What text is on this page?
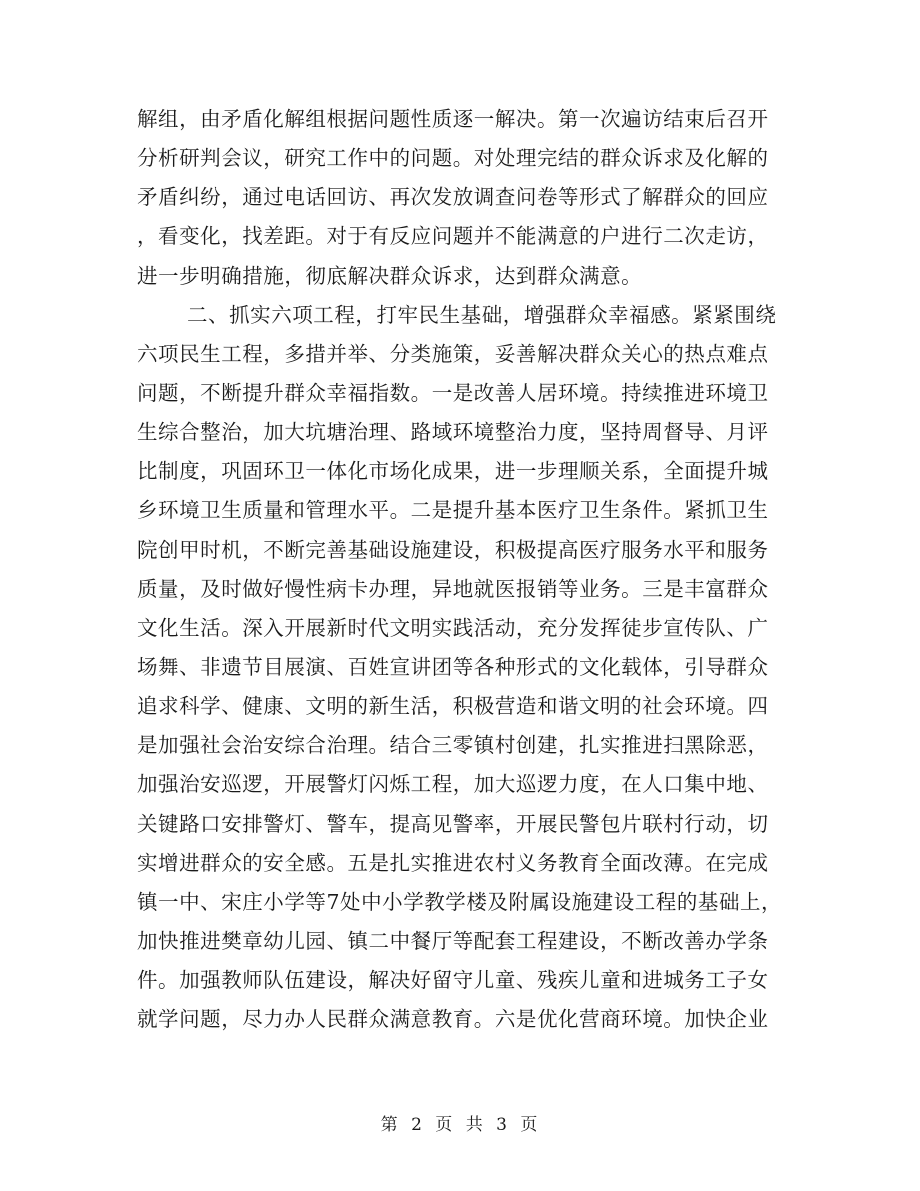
解组，由矛盾化解组根据问题性质逐一解决。第一次遍访结束后召开
分析研判会议，研究工作中的问题。对处理完结的群众诉求及化解的
矛盾纠纷，通过电话回访、再次发放调查问卷等形式了解群众的回应
，看变化，找差距。对于有反应问题并不能满意的户进行二次走访，
进一步明确措施，彻底解决群众诉求，达到群众满意。
二、抓实六项工程，打牢民生基础，增强群众幸福感。紧紧围绕
六项民生工程，多措并举、分类施策，妥善解决群众关心的热点难点
问题，不断提升群众幸福指数。一是改善人居环境。持续推进环境卫
生综合整治，加大坑塘治理、路域环境整治力度，坚持周督导、月评
比制度，巩固环卫一体化市场化成果，进一步理顺关系，全面提升城
乡环境卫生质量和管理水平。二是提升基本医疗卫生条件。紧抓卫生
院创甲时机，不断完善基础设施建设，积极提高医疗服务水平和服务
质量，及时做好慢性病卡办理，异地就医报销等业务。三是丰富群众
文化生活。深入开展新时代文明实践活动，充分发挥徒步宣传队、广
场舞、非遗节目展演、百姓宣讲团等各种形式的文化载体，引导群众
追求科学、健康、文明的新生活，积极营造和谐文明的社会环境。四
是加强社会治安综合治理。结合三零镇村创建，扎实推进扫黑除恶，
加强治安巡逻，开展警灯闪烁工程，加大巡逻力度，在人口集中地、
关键路口安排警灯、警车，提高见警率，开展民警包片联村行动，切
实增进群众的安全感。五是扎实推进农村义务教育全面改薄。在完成
镇一中、宋庄小学等7处中小学教学楼及附属设施建设工程的基础上，
加快推进樊章幼儿园、镇二中餐厅等配套工程建设，不断改善办学条
件。加强教师队伍建设，解决好留守儿童、残疾儿童和进城务工子女
就学问题，尽力办人民群众满意教育。六是优化营商环境。加快企业
第 2 页 共 3 页
